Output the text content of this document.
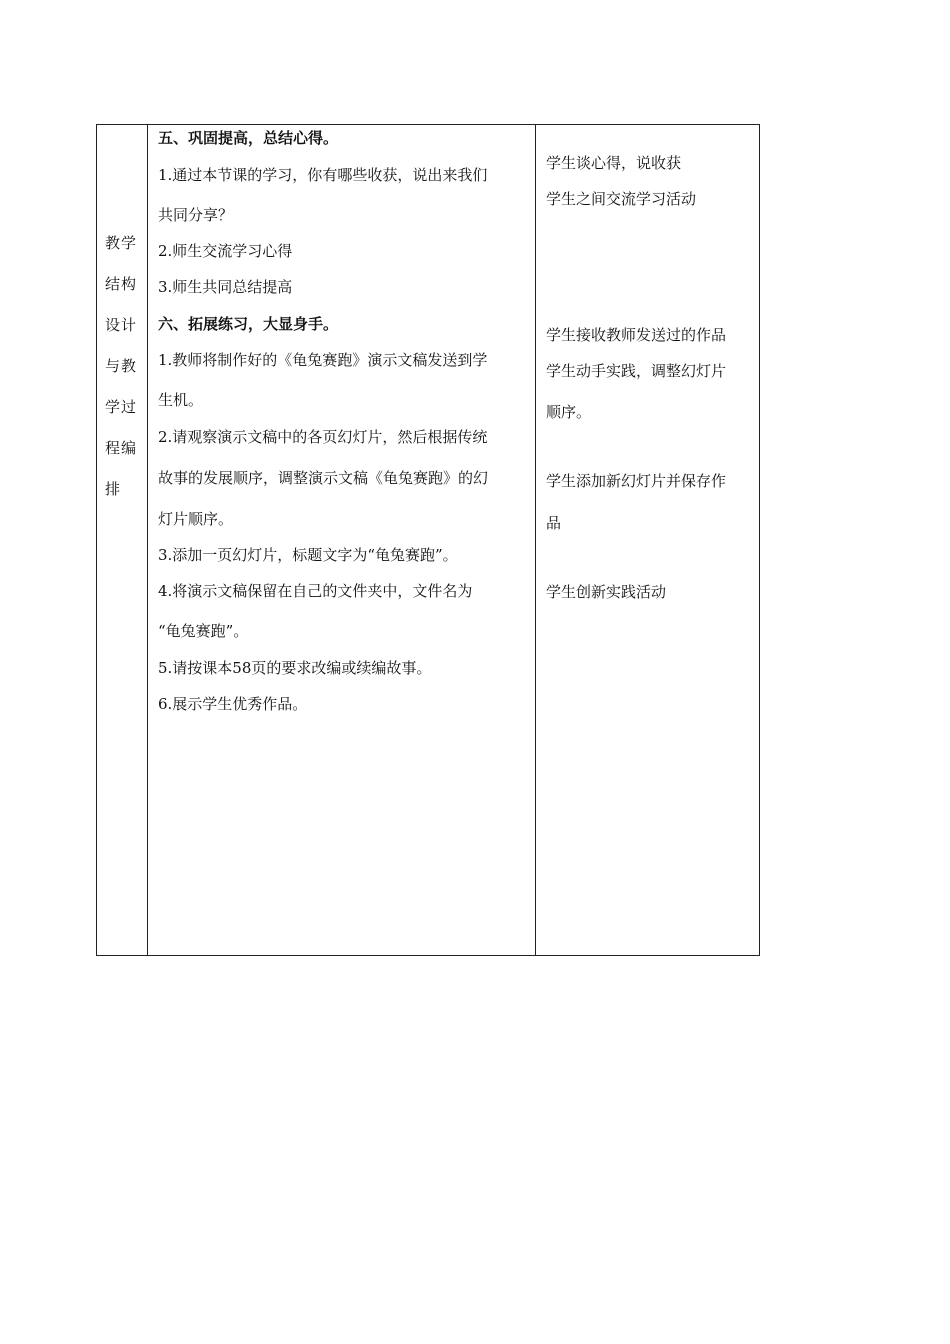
教学
结构
设计
与教
学过
程编
排
五、巩固提高，总结心得。
1.通过本节课的学习，你有哪些收获，说出来我们
共同分享？
2.师生交流学习心得
3.师生共同总结提高
六、拓展练习，大显身手。
1.教师将制作好的《龟兔赛跑》演示文稿发送到学
生机。
2.请观察演示文稿中的各页幻灯片，然后根据传统
故事的发展顺序，调整演示文稿《龟兔赛跑》的幻
灯片顺序。
3.添加一页幻灯片，标题文字为“龟兔赛跑”。
4.将演示文稿保留在自己的文件夹中，文件名为
“龟兔赛跑”。
5.请按课本58页的要求改编或续编故事。
6.展示学生优秀作品。
学生谈心得，说收获
学生之间交流学习活动
学生接收教师发送过的作品
学生动手实践，调整幻灯片
顺序。
学生添加新幻灯片并保存作
品
学生创新实践活动
